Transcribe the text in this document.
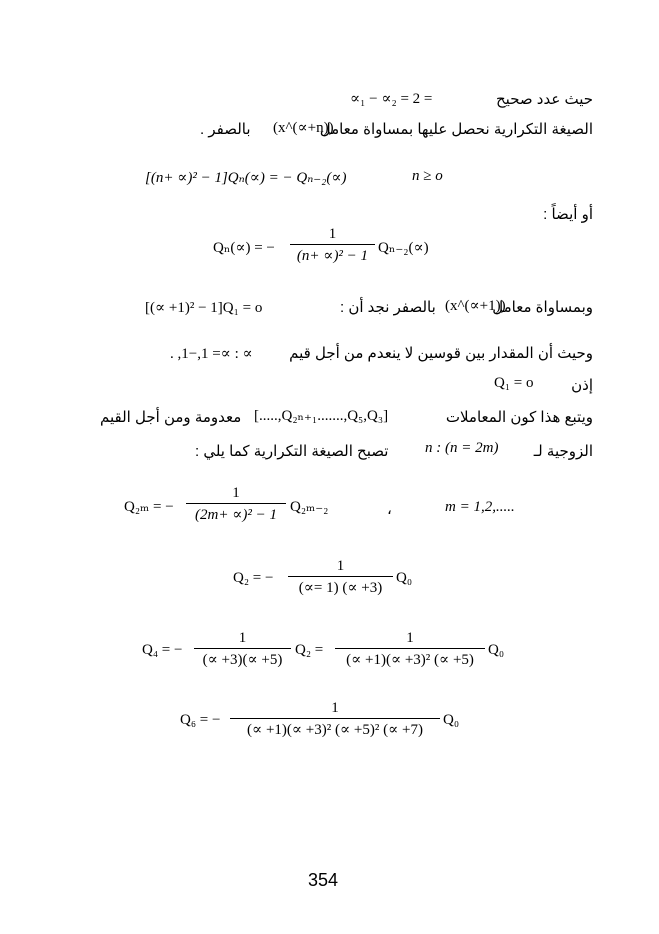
حيث عدد صحيح
∝₁ − ∝₂ = 2 =
الصيغة التكرارية نحصل عليها بمساواة معامل
(x^(∝+n))
بالصفر .
[(n+ ∝)² − 1]Qₙ(∝) = − Qₙ₋₂(∝)	n ≥ o
أو أيضاً :
Qₙ(∝) = −
1
(n+ ∝)² − 1 Qₙ₋₂(∝)
وبمساواة معامل
(x^(∝+1))
بالصفر نجد أن :
[(∝ +1)² − 1]Q₁ = o
وحيث أن المقدار بين قوسين لا ينعدم من أجل قيم
∝ : ∝= 1,−1, .
إذن
Q₁ = o
ويتبع هذا كون المعاملات
[.....,Q₂ₙ₊₁.......,Q₅,Q₃]
معدومة ومن أجل القيم
الزوجية لـ
n : (n = 2m)
تصبح الصيغة التكرارية كما يلي :
Q₂ₘ = −
1
(2m+ ∝)² − 1 Q₂ₘ₋₂	،	m = 1,2,.....
Q₂ = −
1
(∝= 1) (∝ +3)
Q₀
Q₄ = −
1
(∝ +3)(∝ +5)
Q₂ =
1
(∝ +1)(∝ +3)² (∝ +5)
Q₀
Q₆ = −
1
(∝ +1)(∝ +3)² (∝ +5)² (∝ +7)
Q₀
354
